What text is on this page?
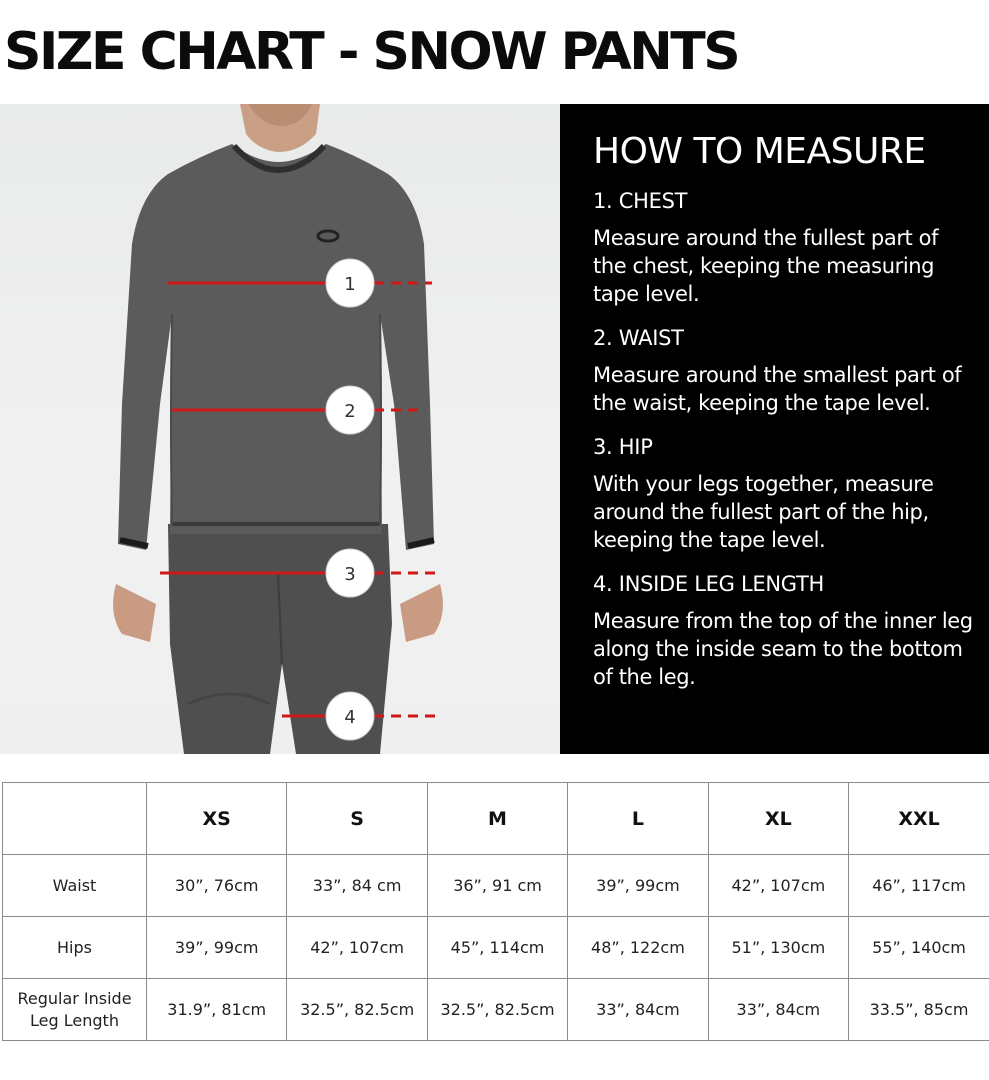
SIZE CHART - SNOW PANTS
1
2
3
4
HOW TO MEASURE
1. CHEST
Measure around the fullest part of the chest, keeping the measuring tape level.
2. WAIST
Measure around the smallest part of the waist, keeping the tape level.
3. HIP
With your legs together, measure around the fullest part of the hip, keeping the tape level.
4. INSIDE LEG LENGTH
Measure from the top of the inner leg along the inside seam to the bottom of the leg.
	XS	S	M	L	XL	XXL
Waist	30”, 76cm	33”, 84 cm	36”, 91 cm	39”, 99cm	42”, 107cm	46”, 117cm
Hips	39”, 99cm	42”, 107cm	45”, 114cm	48”, 122cm	51”, 130cm	55”, 140cm
Regular Inside Leg Length	31.9”, 81cm	32.5”, 82.5cm	32.5”, 82.5cm	33”, 84cm	33”, 84cm	33.5”, 85cm
